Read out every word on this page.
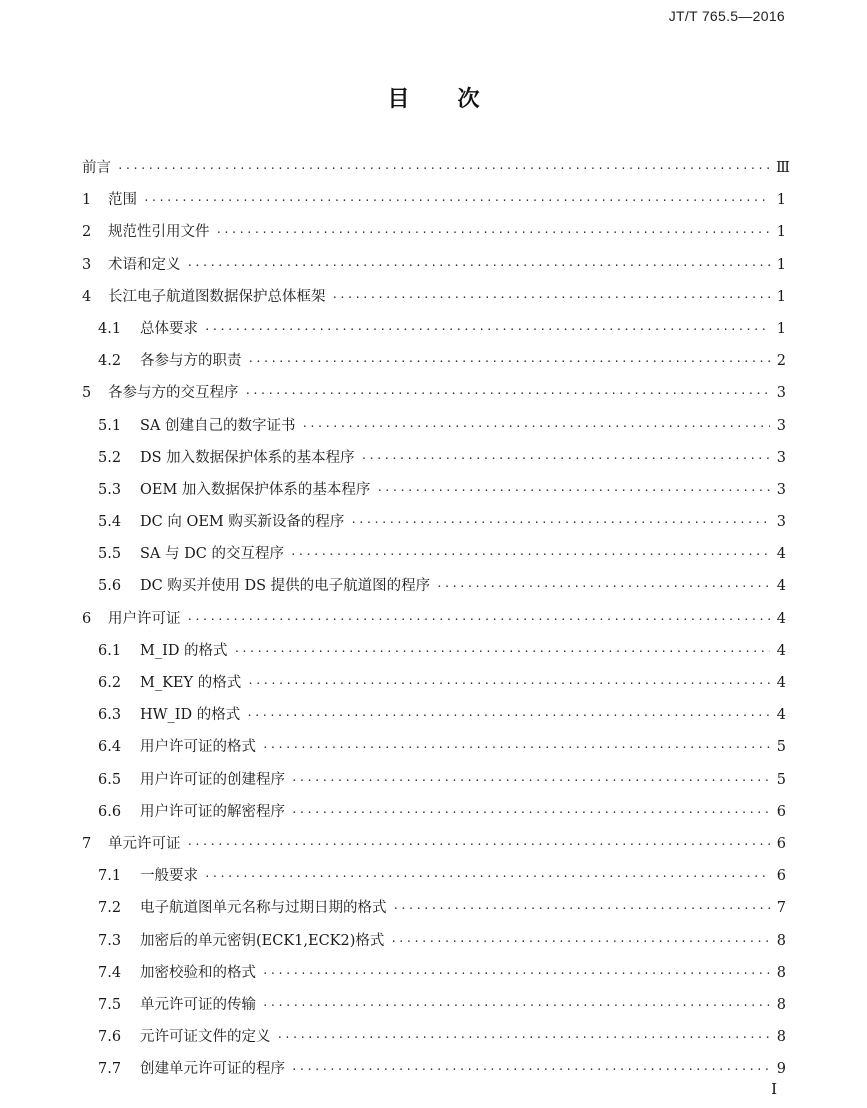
JT/T 765.5—2016
目 次
前言 ·····	Ⅲ
1	范围 ·····	1
2	规范性引用文件 ·····	1
3	术语和定义 ·····	1
4	长江电子航道图数据保护总体框架 ·····	1
4.1	总体要求 ·····	1
4.2	各参与方的职责 ·····	2
5	各参与方的交互程序 ·····	3
5.1	SA 创建自己的数字证书 ·····	3
5.2	DS 加入数据保护体系的基本程序 ·····	3
5.3	OEM 加入数据保护体系的基本程序 ·····	3
5.4	DC 向 OEM 购买新设备的程序 ·····	3
5.5	SA 与 DC 的交互程序 ·····	4
5.6	DC 购买并使用 DS 提供的电子航道图的程序 ·····	4
6	用户许可证 ·····	4
6.1	M_ID 的格式 ·····	4
6.2	M_KEY 的格式 ·····	4
6.3	HW_ID 的格式 ·····	4
6.4	用户许可证的格式 ·····	5
6.5	用户许可证的创建程序 ·····	5
6.6	用户许可证的解密程序 ·····	6
7	单元许可证 ·····	6
7.1	一般要求 ·····	6
7.2	电子航道图单元名称与过期日期的格式 ·····	7
7.3	加密后的单元密钥(ECK1,ECK2)格式 ·····	8
7.4	加密校验和的格式 ·····	8
7.5	单元许可证的传输 ·····	8
7.6	元许可证文件的定义 ·····	8
7.7	创建单元许可证的程序 ·····	9
I
